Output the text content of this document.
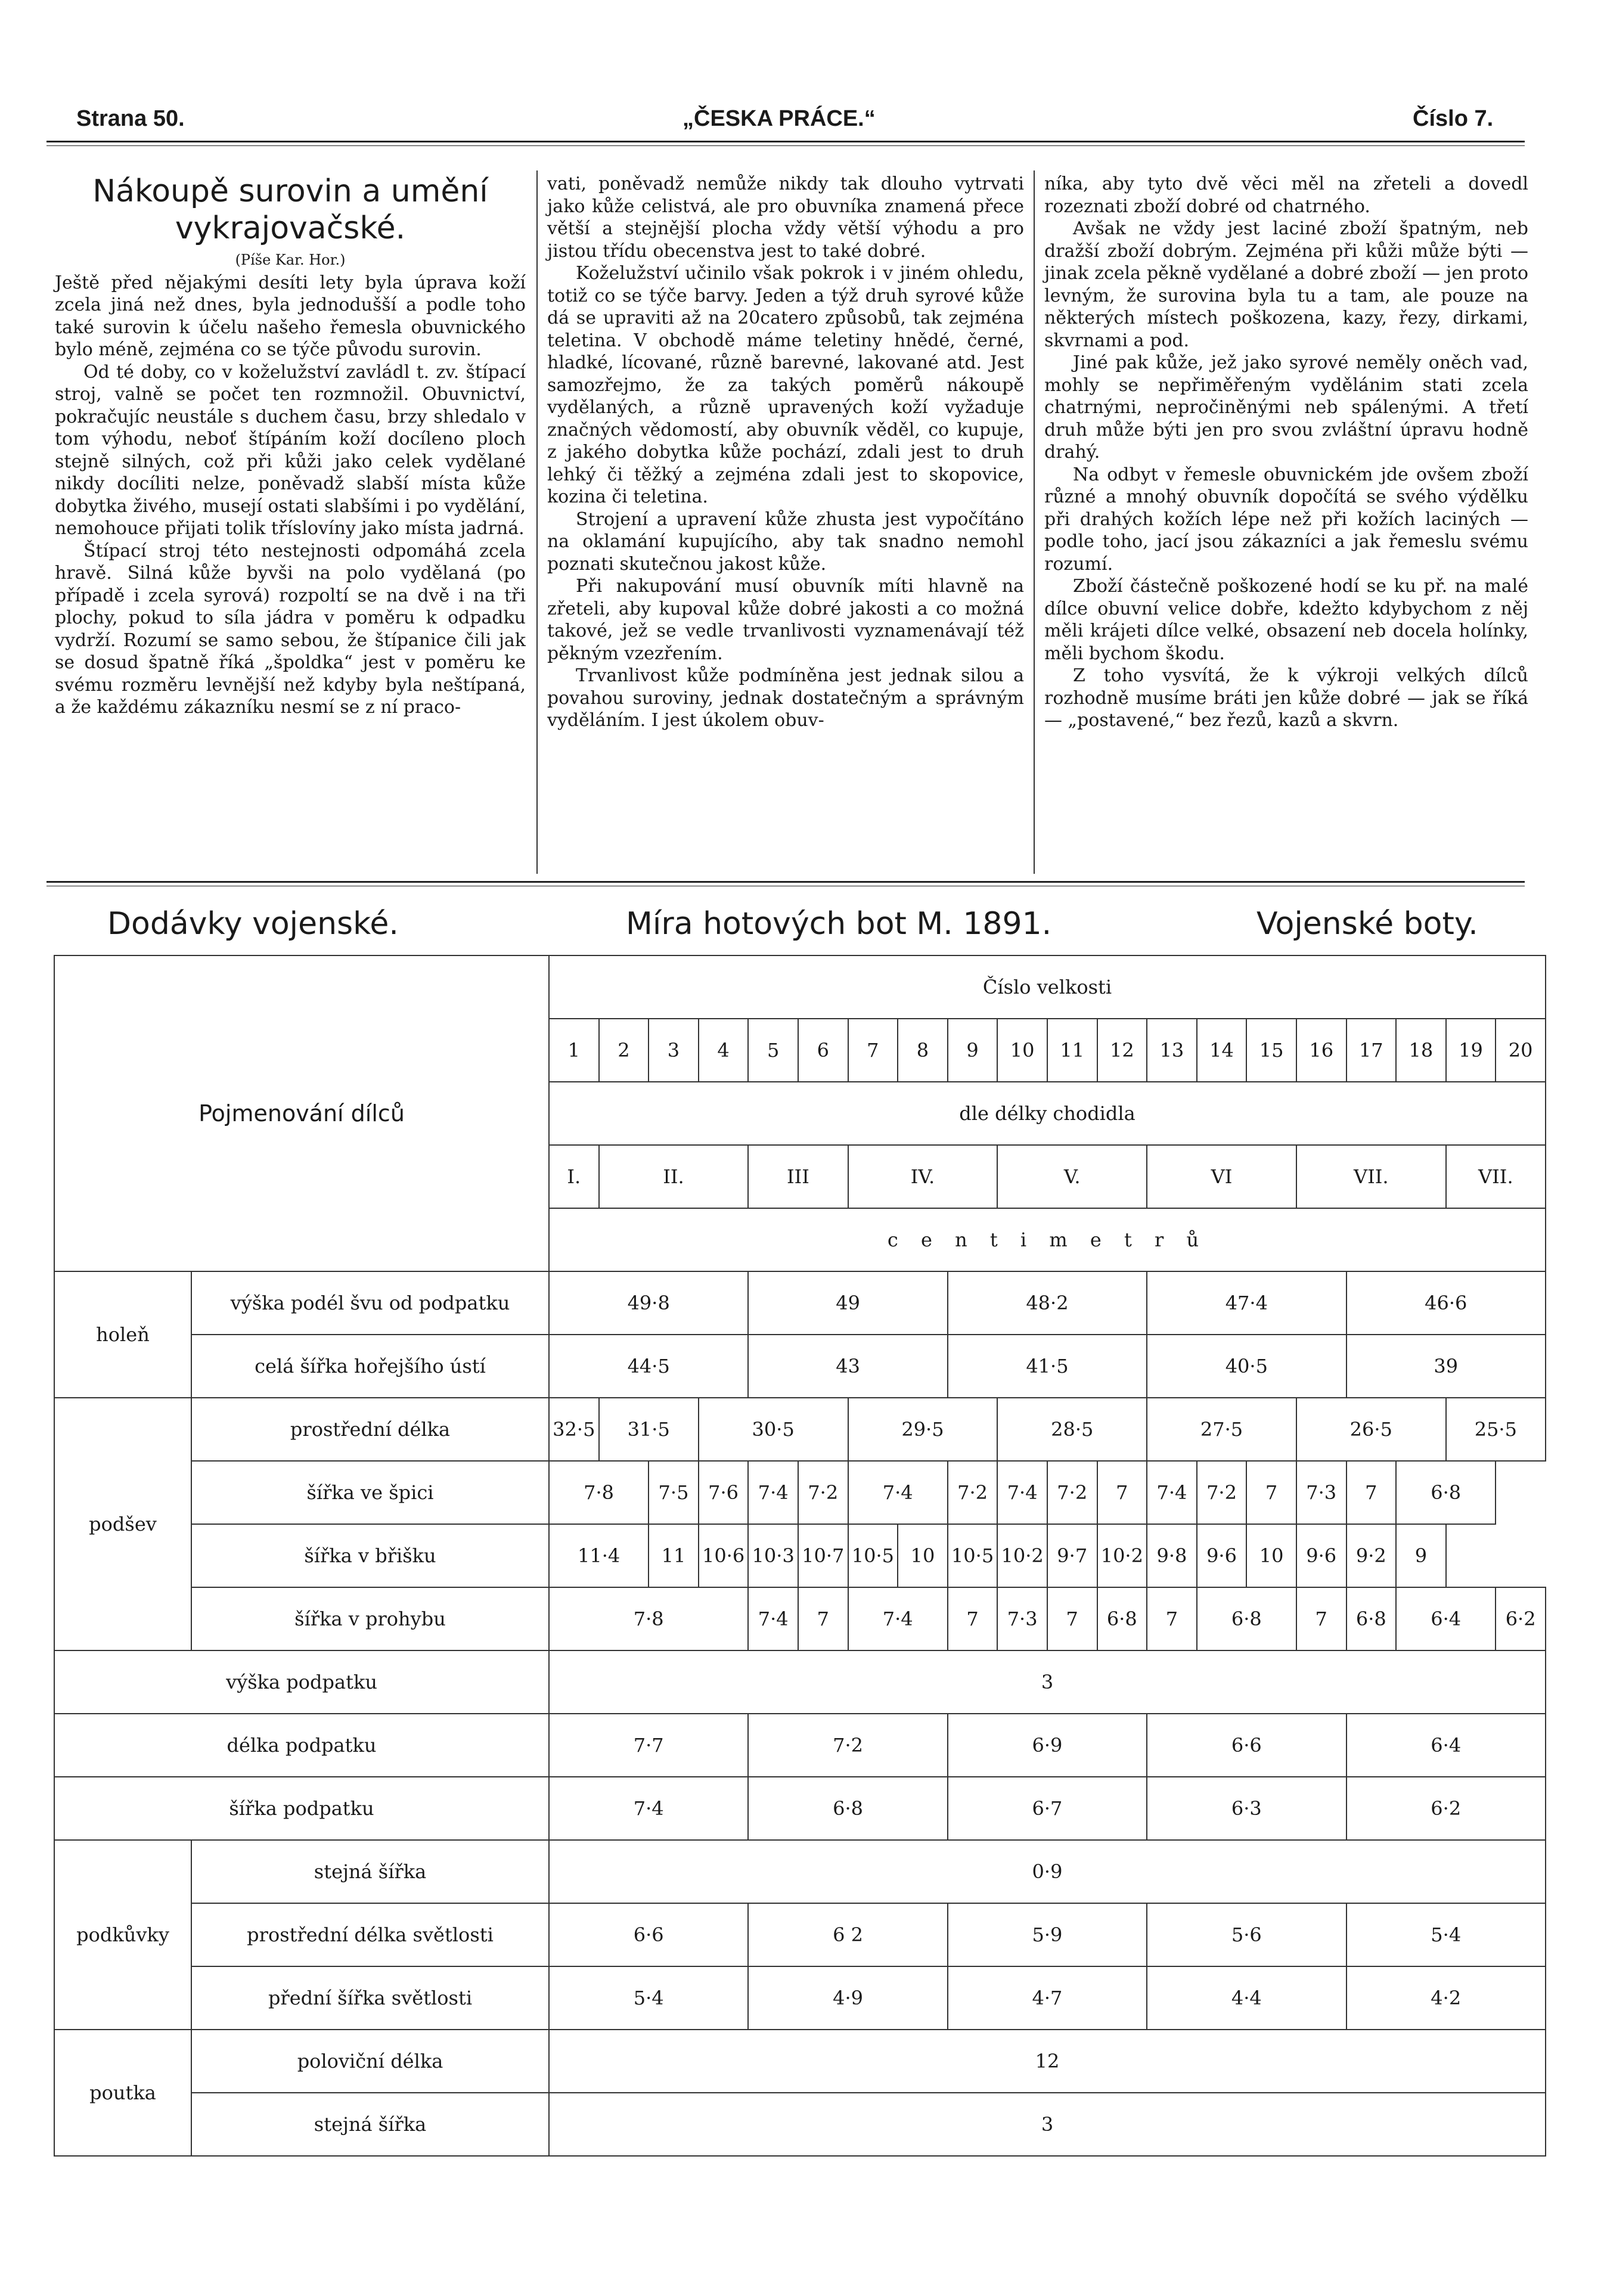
Strana 50.	„ČESKA PRÁCE.“	Číslo 7.
Nákoupě surovin a umění
vykrajovačské.
(Píše Kar. Hor.)

Ještě před nějakými desíti lety byla úprava koží zcela jiná než dnes, byla jednodušší a podle toho také surovin k účelu našeho řemesla obuvnického bylo méně, zejména co se týče původu surovin.

Od té doby, co v koželužství zavládl t. zv. štípací stroj, valně se počet ten rozmnožil. Obuvnictví, pokračujíc neustále s duchem času, brzy shledalo v tom výhodu, neboť štípáním koží docíleno ploch stejně silných, což při kůži jako celek vydělané nikdy docíliti nelze, poněvadž slabší místa kůže dobytka živého, musejí ostati slabšími i po vydělání, nemohouce přijati tolik tříslovíny jako místa jadrná.

Štípací stroj této nestejnosti odpomáhá zcela hravě. Silná kůže byvši na polo vydělaná (po případě i zcela syrová) rozpoltí se na dvě i na tři plochy, pokud to síla jádra v poměru k odpadku vydrží. Rozumí se samo sebou, že štípanice čili jak se dosud špatně říká „špoldka“ jest v poměru ke svému rozměru levnější než kdyby byla neštípaná, a že každému zákazníku nesmí se z ní praco-

vati, poněvadž nemůže nikdy tak dlouho vytrvati jako kůže celistvá, ale pro obuvníka znamená přece větší a stejnější plocha vždy větší výhodu a pro jistou třídu obecenstva jest to také dobré.

Koželužství učinilo však pokrok i v jiném ohledu, totiž co se týče barvy. Jeden a týž druh syrové kůže dá se upraviti až na 20catero způsobů, tak zejména teletina. V obchodě máme teletiny hnědé, černé, hladké, lícované, různě barevné, lakované atd. Jest samozřejmo, že za takých poměrů nákoupě vydělaných, a různě upravených koží vyžaduje značných vědomostí, aby obuvník věděl, co kupuje, z jakého dobytka kůže pochází, zdali jest to druh lehký či těžký a zejména zdali jest to skopovice, kozina či teletina.

Strojení a upravení kůže zhusta jest vypočítáno na oklamání kupujícího, aby tak snadno nemohl poznati skutečnou jakost kůže.

Při nakupování musí obuvník míti hlavně na zřeteli, aby kupoval kůže dobré jakosti a co možná takové, jež se vedle trvanlivosti vyznamenávají též pěkným vzezřením.

Trvanlivost kůže podmíněna jest jednak silou a povahou suroviny, jednak dostatečným a správným vyděláním. I jest úkolem obuv-

níka, aby tyto dvě věci měl na zřeteli a dovedl rozeznati zboží dobré od chatrného.

Avšak ne vždy jest laciné zboží špatným, neb dražší zboží dobrým. Zejména při kůži může býti — jinak zcela pěkně vydělané a dobré zboží — jen proto levným, že surovina byla tu a tam, ale pouze na některých místech poškozena, kazy, řezy, dirkami, skvrnami a pod.

Jiné pak kůže, jež jako syrové neměly oněch vad, mohly se nepřiměřeným vydělánim stati zcela chatrnými, nepročiněnými neb spálenými. A třetí druh může býti jen pro svou zvláštní úpravu hodně drahý.

Na odbyt v řemesle obuvnickém jde ovšem zboží různé a mnohý obuvník dopočítá se svého výdělku při drahých kožích lépe než při kožích laciných — podle toho, jací jsou zákazníci a jak řemeslu svému rozumí.

Zboží částečně poškozené hodí se ku př. na malé dílce obuvní velice dobře, kdežto kdybychom z něj měli krájeti dílce velké, obsazení neb docela holínky, měli bychom škodu.

Z toho vysvítá, že k výkroji velkých dílců rozhodně musíme bráti jen kůže dobré — jak se říká — „postavené,“ bez řezů, kazů a skvrn.

Dodávky vojenské.	Míra hotových bot M. 1891.	Vojenské boty.
Pojmenování dílců		Číslo velkosti																			
		1	2	3	4	5	6	7	8	9	10	11	12	13	14	15	16	17	18	19	20
		dle délky chodidla																			
		I.	II.			III		IV.			V.			VI			VII.			VII.	
		c e n t i m e t r ů																			
holeň	výška podél švu od podpatku	49·8				49				48·2				47·4				46·6			
	celá šířka hořejšího ústí	44·5				43				41·5				40·5				39			
podšev	prostřední délka	32·5	31·5		30·5			29·5			28·5			27·5			26·5			25·5	
	šířka ve špici	7·8		7·5	7·6	7·4	7·2	7·4		7·2	7·4	7·2	7	7·4	7·2	7	7·3	7	6·8		
	šířka v břišku	11·4		11	10·6	10·3	10·7	10·5	10	10·5	10·2	9·7	10·2	9·8	9·6	10	9·6	9·2	9		
	šířka v prohybu	7·8				7·4	7	7·4		7	7·3	7	6·8	7	6·8		7	6·8	6·4		6·2
výška podpatku		3																			
délka podpatku		7·7				7·2				6·9				6·6				6·4			
šířka podpatku		7·4				6·8				6·7				6·3				6·2			
podkůvky	stejná šířka	0·9																			
	prostřední délka světlosti	6·6				6 2				5·9				5·6				5·4			
	přední šířka světlosti	5·4				4·9				4·7				4·4				4·2			
poutka	poloviční délka	12																			
	stejná šířka	3																			
